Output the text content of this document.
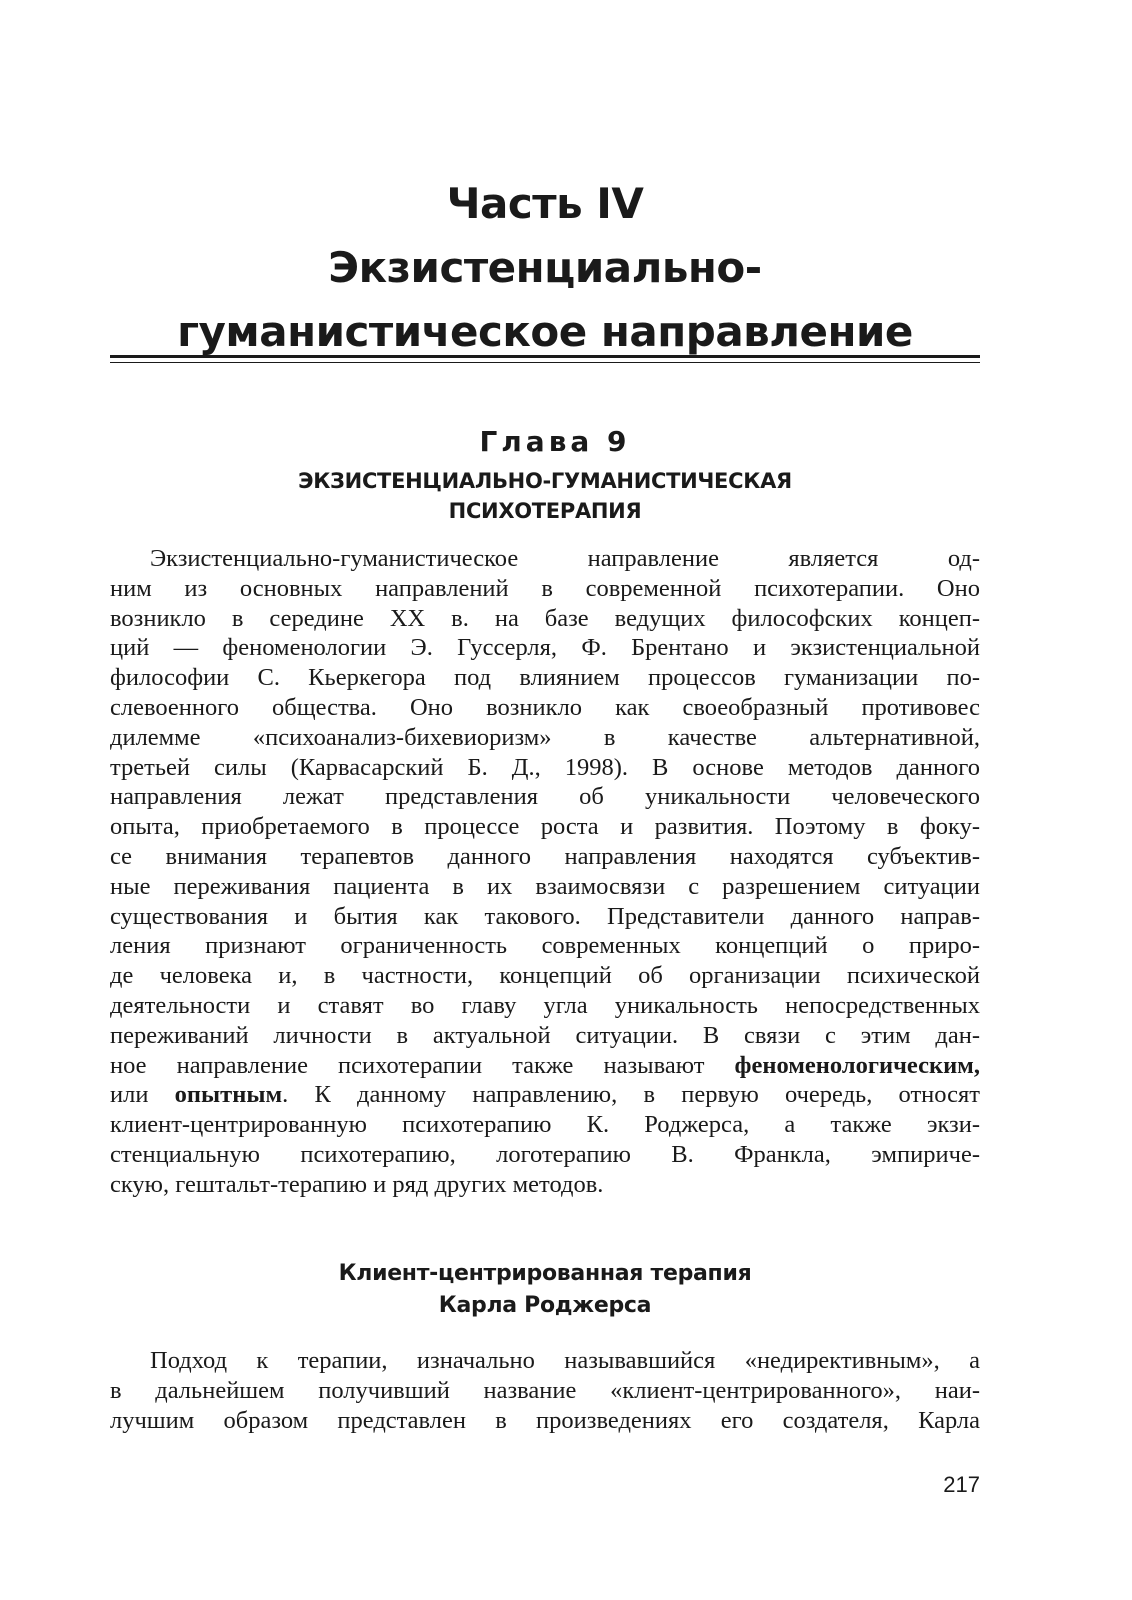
Часть IV
Экзистенциально-
гуманистическое направление
Глава 9
ЭКЗИСТЕНЦИАЛЬНО-ГУМАНИСТИЧЕСКАЯ
ПСИХОТЕРАПИЯ
Экзистенциально-гуманистическое направление является од-
ним из основных направлений в современной психотерапии. Оно
возникло в середине XX в. на базе ведущих философских концеп-
ций — феноменологии Э. Гуссерля, Ф. Брентано и экзистенциальной
философии С. Кьеркегора под влиянием процессов гуманизации по-
слевоенного общества. Оно возникло как своеобразный противовес
дилемме «психоанализ-бихевиоризм» в качестве альтернативной,
третьей силы (Карвасарский Б. Д., 1998). В основе методов данного
направления лежат представления об уникальности человеческого
опыта, приобретаемого в процессе роста и развития. Поэтому в фоку-
се внимания терапевтов данного направления находятся субъектив-
ные переживания пациента в их взаимосвязи с разрешением ситуации
существования и бытия как такового. Представители данного направ-
ления признают ограниченность современных концепций о приро-
де человека и, в частности, концепций об организации психической
деятельности и ставят во главу угла уникальность непосредственных
переживаний личности в актуальной ситуации. В связи с этим дан-
ное направление психотерапии также называют феноменологическим,
или опытным. К данному направлению, в первую очередь, относят
клиент-центрированную психотерапию К. Роджерса, а также экзи-
стенциальную психотерапию, логотерапию В. Франкла, эмпириче-
скую, гештальт-терапию и ряд других методов.
Клиент-центрированная терапия
Карла Роджерса
Подход к терапии, изначально называвшийся «недирективным», а
в дальнейшем получивший название «клиент-центрированного», наи-
лучшим образом представлен в произведениях его создателя, Карла
217
